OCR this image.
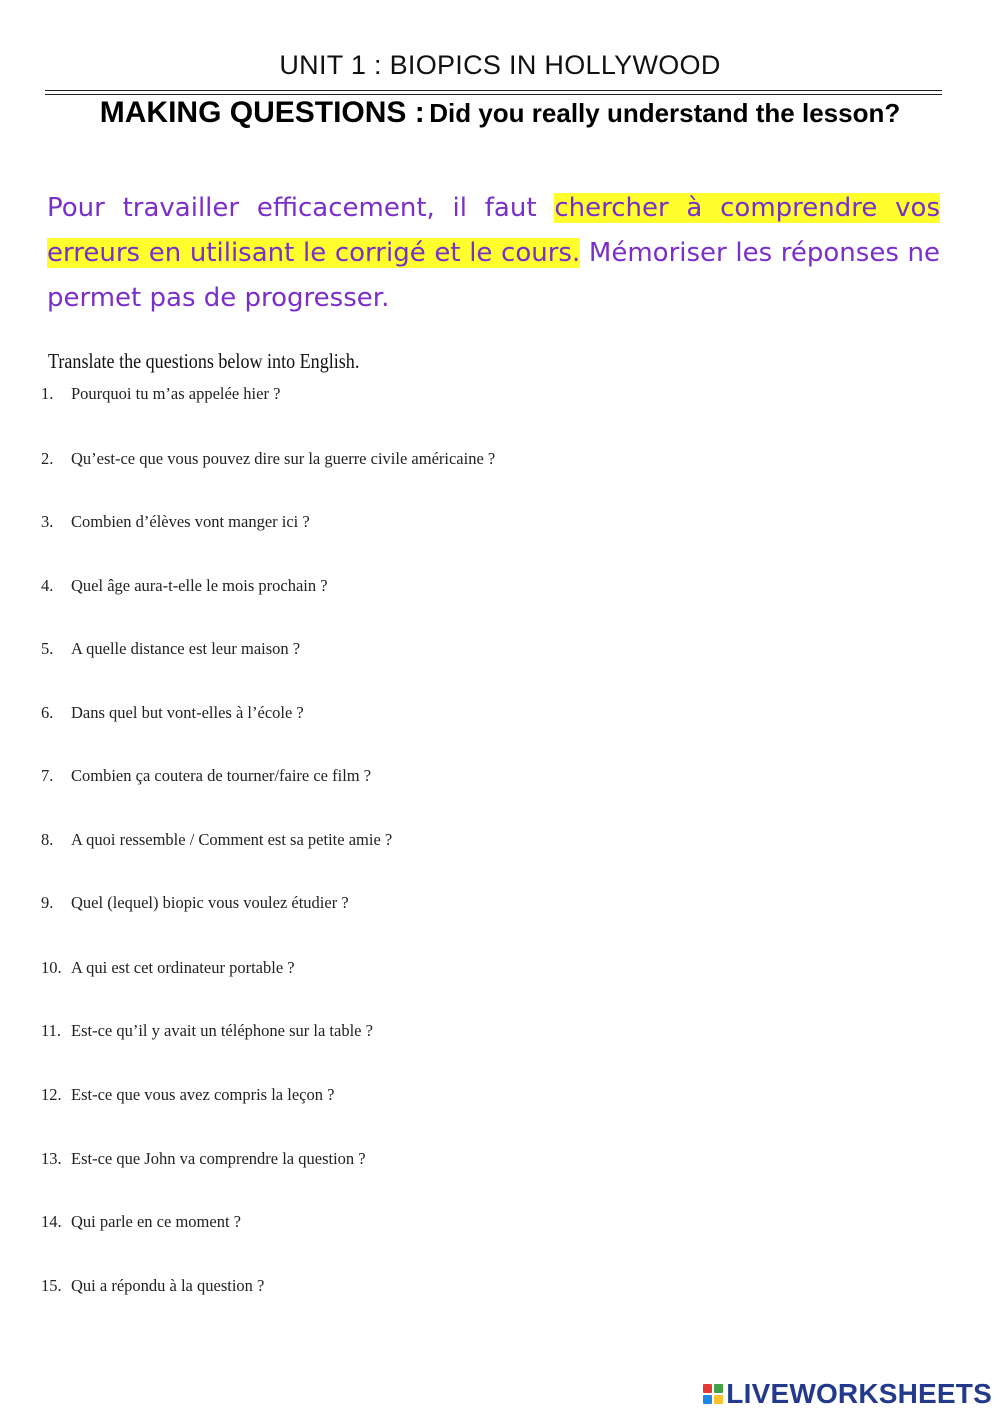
UNIT 1 : BIOPICS IN HOLLYWOOD
MAKING QUESTIONS : Did you really understand the lesson?
Pour travailler efficacement, il faut chercher à comprendre vos erreurs en utilisant le corrigé et le cours. Mémoriser les réponses ne permet pas de progresser.
Translate the questions below into English.
1. Pourquoi tu m’as appelée hier ?
2. Qu’est-ce que vous pouvez dire sur la guerre civile américaine ?
3. Combien d’élèves vont manger ici ?
4. Quel âge aura-t-elle le mois prochain ?
5. A quelle distance est leur maison ?
6. Dans quel but vont-elles à l’école ?
7. Combien ça coutera de tourner/faire ce film ?
8. A quoi ressemble / Comment est sa petite amie ?
9. Quel (lequel) biopic vous voulez étudier ?
10. A qui est cet ordinateur portable ?
11. Est-ce qu’il y avait un téléphone sur la table ?
12. Est-ce que vous avez compris la leçon ?
13. Est-ce que John va comprendre la question ?
14. Qui parle en ce moment ?
15. Qui a répondu à la question ?
LIVEWORKSHEETS
